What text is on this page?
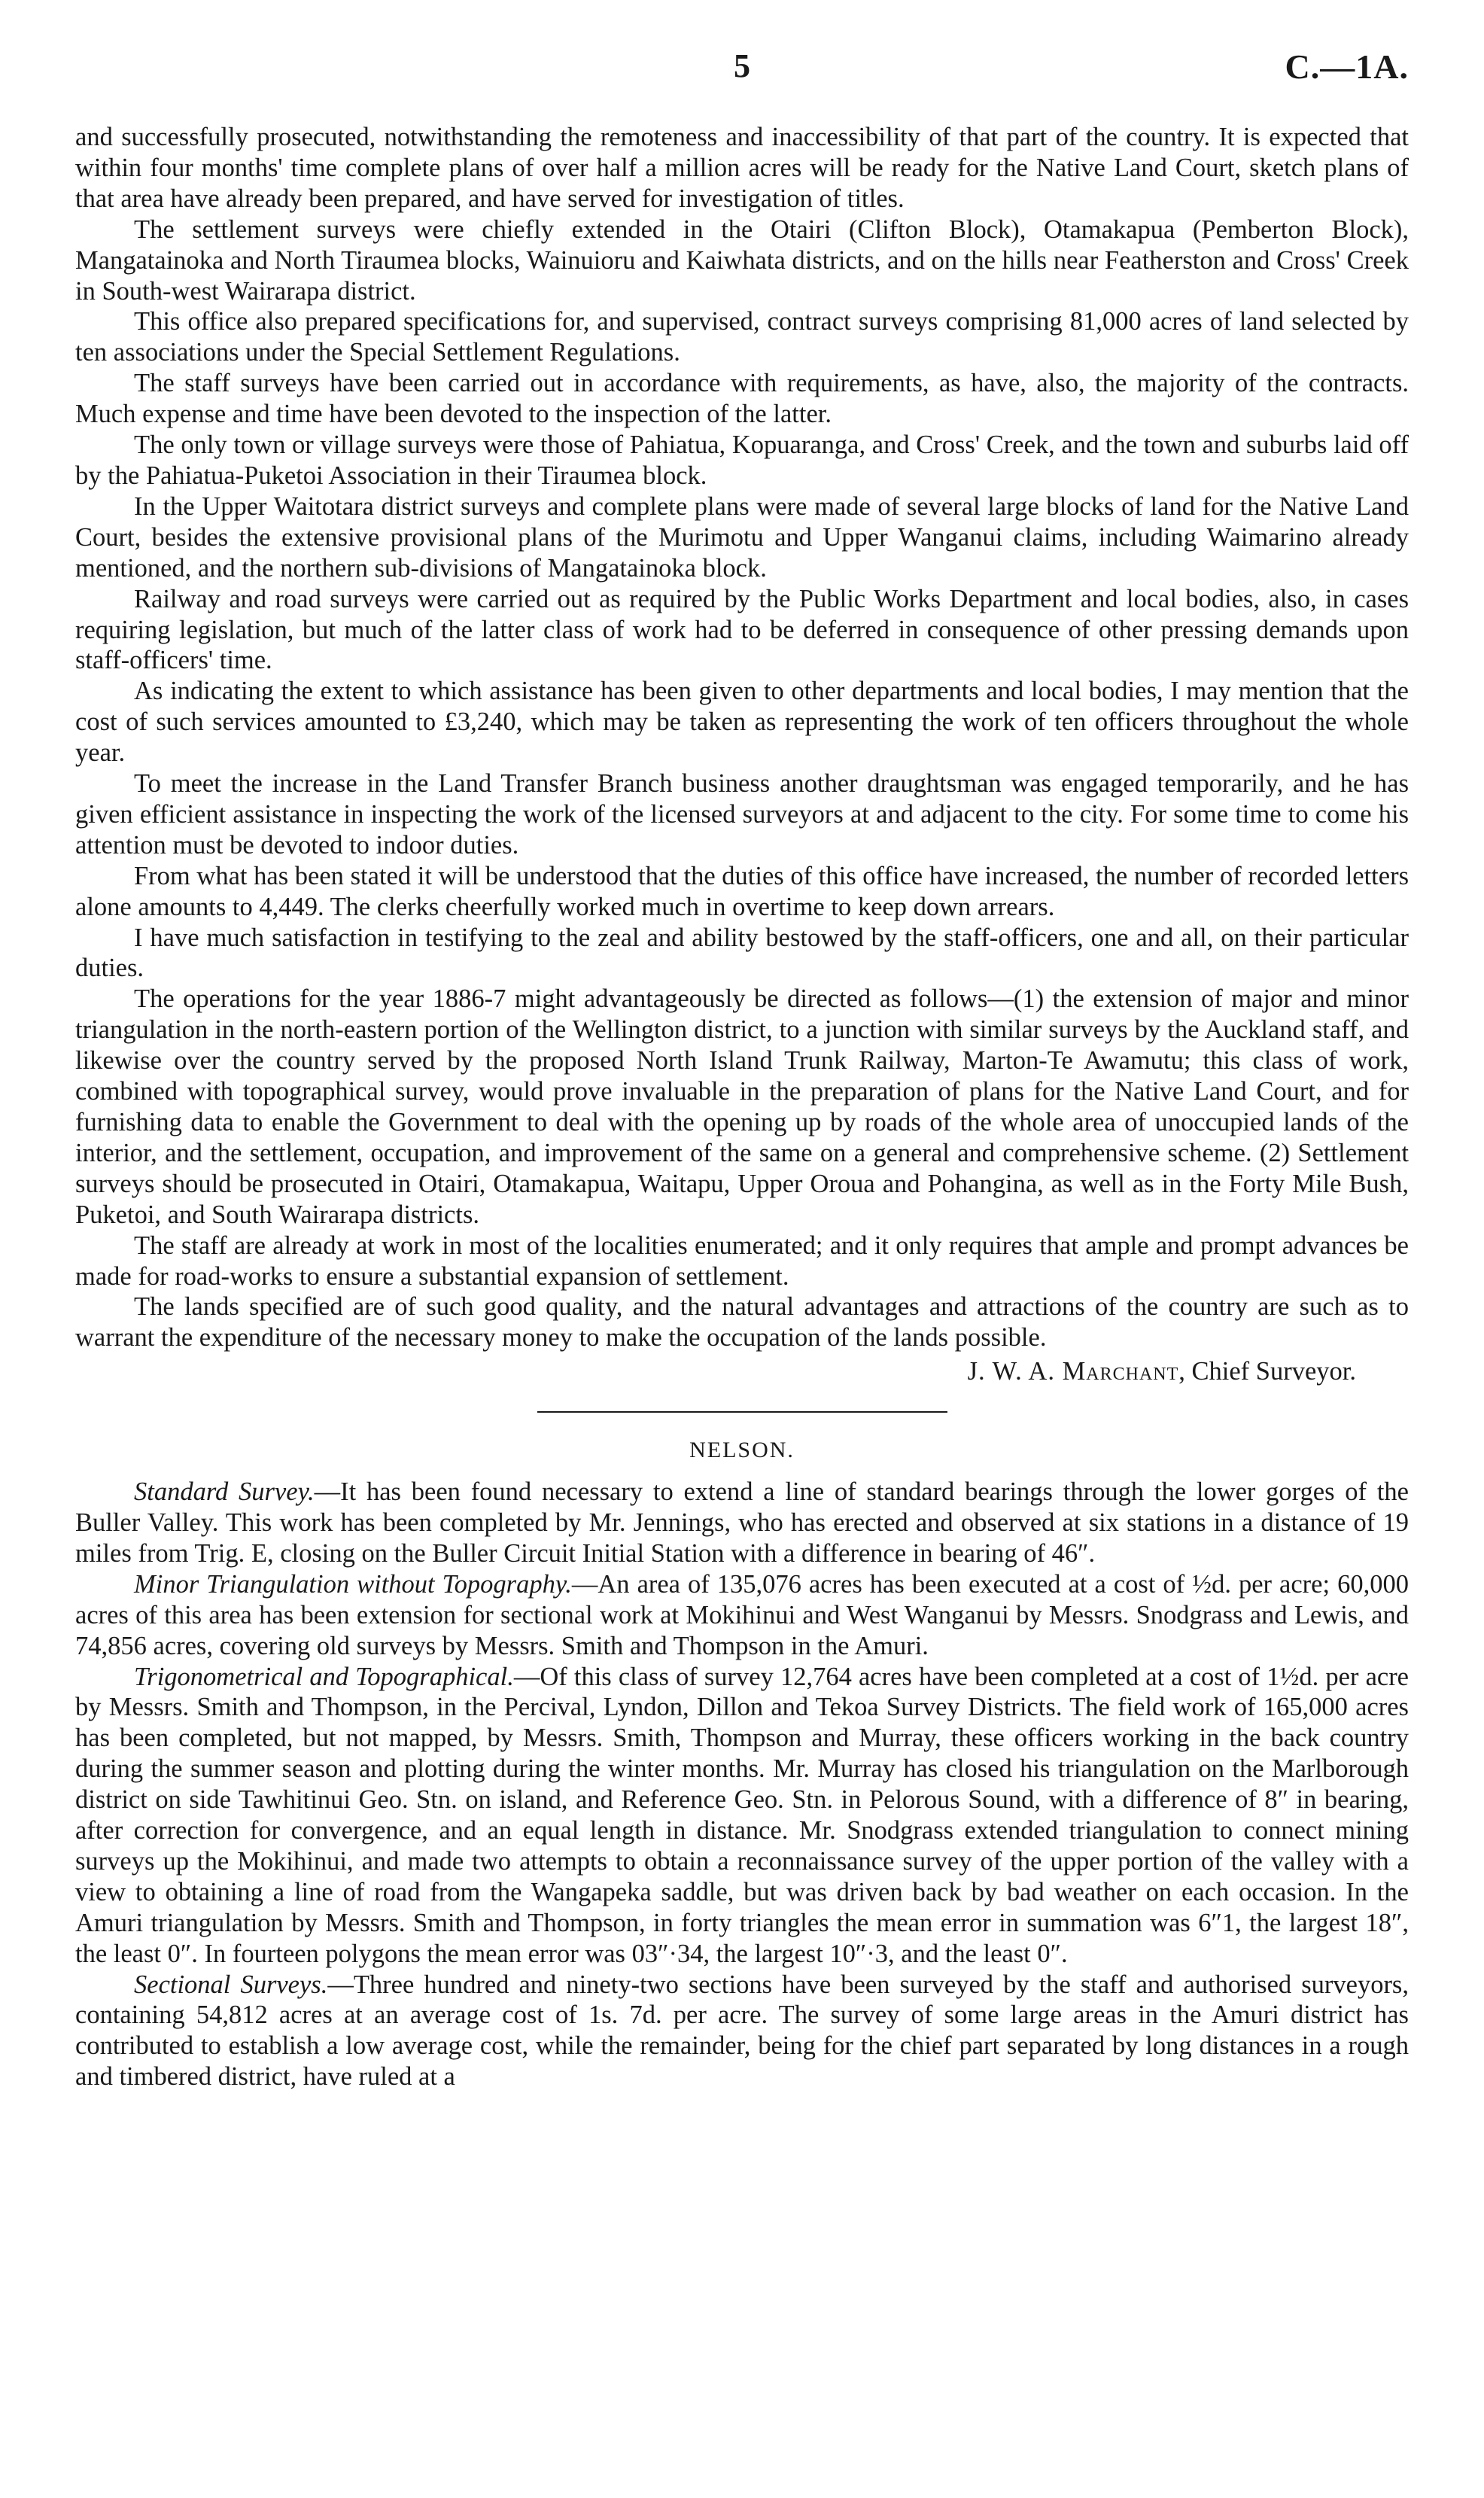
5	C.—1A.

and successfully prosecuted, notwithstanding the remoteness and inaccessibility of that part of the country. It is expected that within four months' time complete plans of over half a million acres will be ready for the Native Land Court, sketch plans of that area have already been prepared, and have served for investigation of titles.

The settlement surveys were chiefly extended in the Otairi (Clifton Block), Otamakapua (Pemberton Block), Mangatainoka and North Tiraumea blocks, Wainuioru and Kaiwhata districts, and on the hills near Featherston and Cross' Creek in South-west Wairarapa district.

This office also prepared specifications for, and supervised, contract surveys comprising 81,000 acres of land selected by ten associations under the Special Settlement Regulations.

The staff surveys have been carried out in accordance with requirements, as have, also, the majority of the contracts. Much expense and time have been devoted to the inspection of the latter.

The only town or village surveys were those of Pahiatua, Kopuaranga, and Cross' Creek, and the town and suburbs laid off by the Pahiatua-Puketoi Association in their Tiraumea block.

In the Upper Waitotara district surveys and complete plans were made of several large blocks of land for the Native Land Court, besides the extensive provisional plans of the Murimotu and Upper Wanganui claims, including Waimarino already mentioned, and the northern sub-divisions of Mangatainoka block.

Railway and road surveys were carried out as required by the Public Works Department and local bodies, also, in cases requiring legislation, but much of the latter class of work had to be deferred in consequence of other pressing demands upon staff-officers' time.

As indicating the extent to which assistance has been given to other departments and local bodies, I may mention that the cost of such services amounted to £3,240, which may be taken as representing the work of ten officers throughout the whole year.

To meet the increase in the Land Transfer Branch business another draughtsman was engaged temporarily, and he has given efficient assistance in inspecting the work of the licensed surveyors at and adjacent to the city. For some time to come his attention must be devoted to indoor duties.

From what has been stated it will be understood that the duties of this office have increased, the number of recorded letters alone amounts to 4,449. The clerks cheerfully worked much in overtime to keep down arrears.

I have much satisfaction in testifying to the zeal and ability bestowed by the staff-officers, one and all, on their particular duties.

The operations for the year 1886-7 might advantageously be directed as follows—(1) the extension of major and minor triangulation in the north-eastern portion of the Wellington district, to a junction with similar surveys by the Auckland staff, and likewise over the country served by the proposed North Island Trunk Railway, Marton-Te Awamutu; this class of work, combined with topographical survey, would prove invaluable in the preparation of plans for the Native Land Court, and for furnishing data to enable the Government to deal with the opening up by roads of the whole area of unoccupied lands of the interior, and the settlement, occupation, and improvement of the same on a general and comprehensive scheme. (2) Settlement surveys should be prosecuted in Otairi, Otamakapua, Waitapu, Upper Oroua and Pohangina, as well as in the Forty Mile Bush, Puketoi, and South Wairarapa districts.

The staff are already at work in most of the localities enumerated; and it only requires that ample and prompt advances be made for road-works to ensure a substantial expansion of settlement.

The lands specified are of such good quality, and the natural advantages and attractions of the country are such as to warrant the expenditure of the necessary money to make the occupation of the lands possible.

J. W. A. Marchant, Chief Surveyor.
NELSON.

Standard Survey.—It has been found necessary to extend a line of standard bearings through the lower gorges of the Buller Valley. This work has been completed by Mr. Jennings, who has erected and observed at six stations in a distance of 19 miles from Trig. E, closing on the Buller Circuit Initial Station with a difference in bearing of 46″.

Minor Triangulation without Topography.—An area of 135,076 acres has been executed at a cost of ½d. per acre; 60,000 acres of this area has been extension for sectional work at Mokihinui and West Wanganui by Messrs. Snodgrass and Lewis, and 74,856 acres, covering old surveys by Messrs. Smith and Thompson in the Amuri.

Trigonometrical and Topographical.—Of this class of survey 12,764 acres have been completed at a cost of 1½d. per acre by Messrs. Smith and Thompson, in the Percival, Lyndon, Dillon and Tekoa Survey Districts. The field work of 165,000 acres has been completed, but not mapped, by Messrs. Smith, Thompson and Murray, these officers working in the back country during the summer season and plotting during the winter months. Mr. Murray has closed his triangulation on the Marlborough district on side Tawhitinui Geo. Stn. on island, and Reference Geo. Stn. in Pelorous Sound, with a difference of 8″ in bearing, after correction for convergence, and an equal length in distance. Mr. Snodgrass extended triangulation to connect mining surveys up the Mokihinui, and made two attempts to obtain a reconnaissance survey of the upper portion of the valley with a view to obtaining a line of road from the Wangapeka saddle, but was driven back by bad weather on each occasion. In the Amuri triangulation by Messrs. Smith and Thompson, in forty triangles the mean error in summation was 6″1, the largest 18″, the least 0″. In fourteen polygons the mean error was 03″·34, the largest 10″·3, and the least 0″.

Sectional Surveys.—Three hundred and ninety-two sections have been surveyed by the staff and authorised surveyors, containing 54,812 acres at an average cost of 1s. 7d. per acre. The survey of some large areas in the Amuri district has contributed to establish a low average cost, while the remainder, being for the chief part separated by long distances in a rough and timbered district, have ruled at a
